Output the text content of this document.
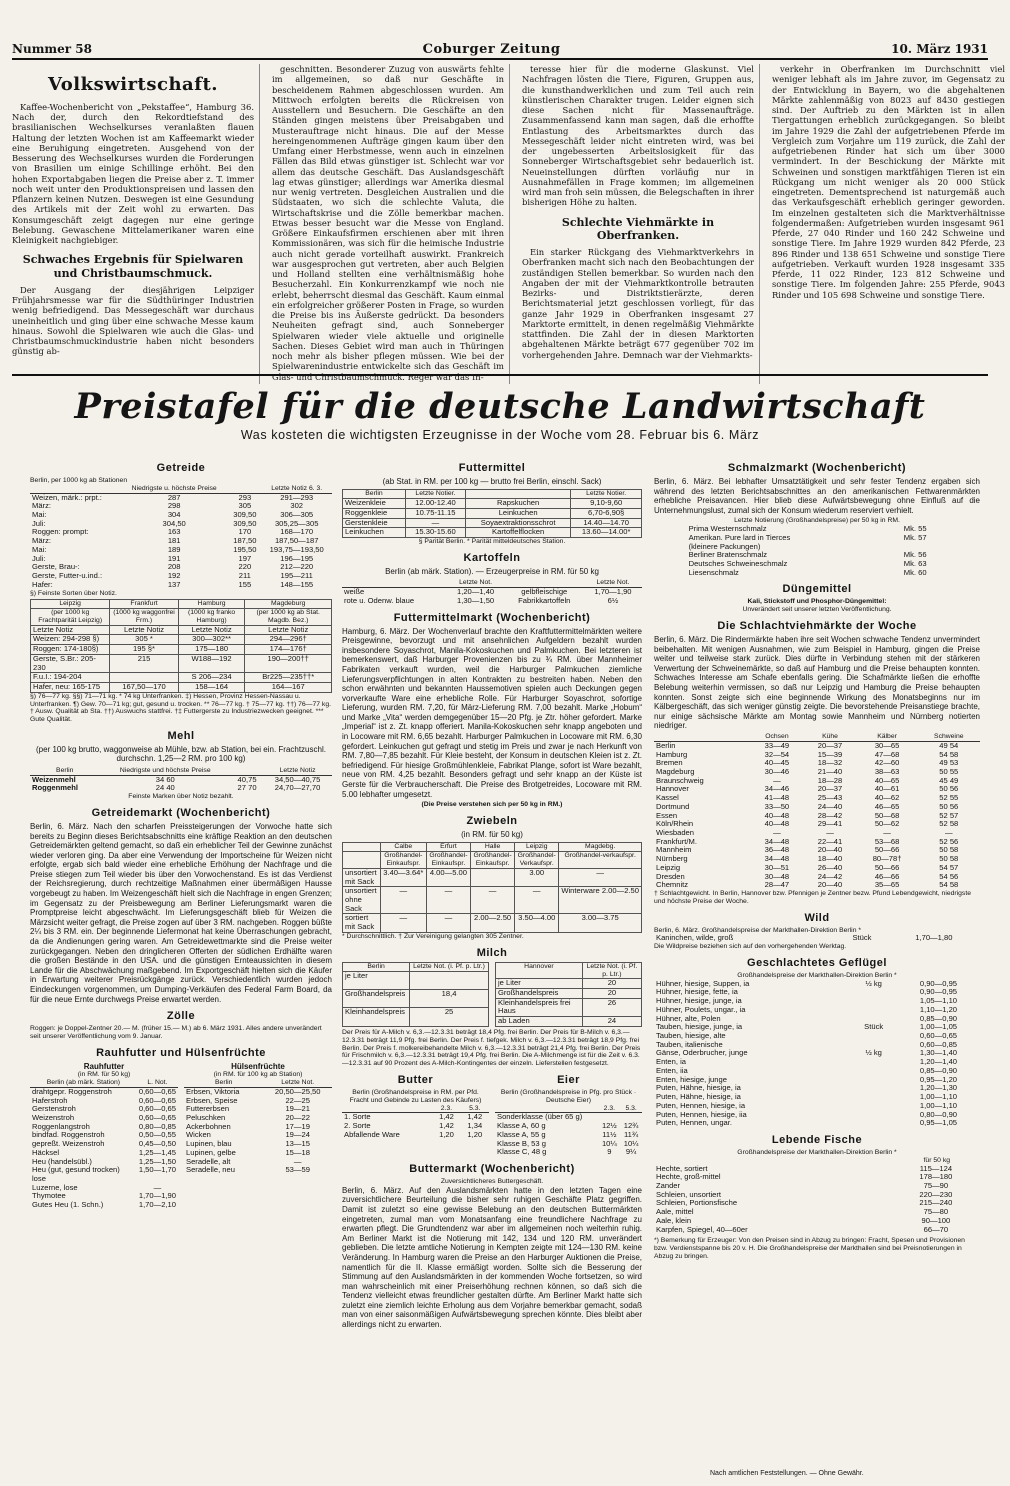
Nummer 58	Coburger Zeitung	10. März 1931
Volkswirtschaft.
Kaffee-Wochenbericht von „Pekstaffee“, Hamburg 36. Nach der, durch den Rekordtiefstand des brasilianischen Wechselkurses veranlaßten flauen Haltung der letzten Wochen ist am Kaffeemarkt wieder eine Beruhigung eingetreten. Ausgehend von der Besserung des Wechselkurses wurden die Forderungen von Brasilien um einige Schillinge erhöht. Bei den hohen Exportabgaben liegen die Preise aber z. T. immer noch weit unter den Produktionspreisen und lassen den Pflanzern keinen Nutzen. Deswegen ist eine Gesundung des Artikels mit der Zeit wohl zu erwarten. Das Konsumgeschäft zeigt dagegen nur eine geringe Belebung. Gewaschene Mittelamerikaner waren eine Kleinigkeit nachgiebiger.
Schwaches Ergebnis für Spielwaren und Christbaumschmuck.
Der Ausgang der diesjährigen Leipziger Frühjahrsmesse war für die Südthüringer Industrien wenig befriedigend. Das Messegeschäft war durchaus uneinheitlich und ging über eine schwache Messe kaum hinaus. Sowohl die Spielwaren wie auch die Glas- und Christbaumschmuckindustrie haben nicht besonders günstig ab-
geschnitten. Besonderer Zuzug von auswärts fehlte im allgemeinen, so daß nur Geschäfte in bescheidenem Rahmen abgeschlossen wurden. Am Mittwoch erfolgten bereits die Rückreisen von Ausstellern und Besuchern. Die Geschäfte an den Ständen gingen meistens über Preisabgaben und Musterauftrage nicht hinaus. Die auf der Messe hereingenommenen Aufträge gingen kaum über den Umfang einer Herbstmesse, wenn auch in einzelnen Fällen das Bild etwas günstiger ist. Schlecht war vor allem das deutsche Geschäft. Das Auslandsgeschäft lag etwas günstiger; allerdings war Amerika diesmal nur wenig vertreten. Desgleichen Australien und die Südstaaten, wo sich die schlechte Valuta, die Wirtschaftskrise und die Zölle bemerkbar machen. Etwas besser besucht war die Messe von England. Größere Einkaufsfirmen erschienen aber mit ihren Kommissionären, was sich für die heimische Industrie auch nicht gerade vorteilhaft auswirkt. Frankreich war ausgesprochen gut vertreten, aber auch Belgien und Holland stellten eine verhältnismäßig hohe Besucherzahl. Ein Konkurrenzkampf wie noch nie erlebt, beherrscht diesmal das Geschäft. Kaum einmal ein erfolgreicher größerer Posten in Frage, so wurden die Preise bis ins Äußerste gedrückt. Da besonders Neuheiten gefragt sind, auch Sonneberger Spielwaren wieder viele aktuelle und originelle Sachen. Dieses Gebiet wird man auch in Thüringen noch mehr als bisher pflegen müssen. Wie bei der Spielwarenindustrie entwickelte sich das Geschäft im Glas- und Christbaumschmuck. Reger war das In-
teresse hier für die moderne Glaskunst. Viel Nachfragen lösten die Tiere, Figuren, Gruppen aus, die kunsthandwerklichen und zum Teil auch rein künstlerischen Charakter trugen. Leider eignen sich diese Sachen nicht für Massenaufträge. Zusammenfassend kann man sagen, daß die erhoffte Entlastung des Arbeitsmarktes durch das Messegeschäft leider nicht eintreten wird, was bei der ungebesserten Arbeitslosigkeit für das Sonneberger Wirtschaftsgebiet sehr bedauerlich ist. Neueinstellungen dürften vorläufig nur in Ausnahmefällen in Frage kommen; im allgemeinen wird man froh sein müssen, die Belegschaften in ihrer bisherigen Höhe zu halten.
Schlechte Viehmärkte in Oberfranken.
Ein starker Rückgang des Viehmarktverkehrs in Oberfranken macht sich nach den Beobachtungen der zuständigen Stellen bemerkbar. So wurden nach den Angaben der mit der Viehmarktkontrolle betrauten Bezirks- und Distriktstierärzte, deren Berichtsmaterial jetzt geschlossen vorliegt, für das ganze Jahr 1929 in Oberfranken insgesamt 27 Marktorte ermittelt, in denen regelmäßig Viehmärkte stattfinden. Die Zahl der in diesen Marktorten abgehaltenen Märkte beträgt 677 gegenüber 702 im vorhergehenden Jahre. Demnach war der Viehmarkts-
verkehr in Oberfranken im Durchschnitt viel weniger lebhaft als im Jahre zuvor, im Gegensatz zu der Entwicklung in Bayern, wo die abgehaltenen Märkte zahlenmäßig von 8023 auf 8430 gestiegen sind. Der Auftrieb zu den Märkten ist in allen Tiergattungen erheblich zurückgegangen. So bleibt im Jahre 1929 die Zahl der aufgetriebenen Pferde im Vergleich zum Vorjahre um 119 zurück, die Zahl der aufgetriebenen Rinder hat sich um über 3000 vermindert. In der Beschickung der Märkte mit Schweinen und sonstigen marktfähigen Tieren ist ein Rückgang um nicht weniger als 20 000 Stück eingetreten. Dementsprechend ist naturgemäß auch das Verkaufsgeschäft erheblich geringer geworden. Im einzelnen gestalteten sich die Marktverhältnisse folgendermaßen: Aufgetrieben wurden insgesamt 961 Pferde, 27 040 Rinder und 160 242 Schweine und sonstige Tiere. Im Jahre 1929 wurden 842 Pferde, 23 896 Rinder und 138 651 Schweine und sonstige Tiere aufgetrieben. Verkauft wurden 1928 insgesamt 335 Pferde, 11 022 Rinder, 123 812 Schweine und sonstige Tiere. Im folgenden Jahre: 255 Pferde, 9043 Rinder und 105 698 Schweine und sonstige Tiere.
Preistafel für die deutsche Landwirtschaft
Was kosteten die wichtigsten Erzeugnisse in der Woche vom 28. Februar bis 6. März
Getreide
Berlin, per 1000 kg ab Stationen
	Niedrigste u. höchste Preise		Letzte Notiz 6. 3.
Weizen, märk.: prpt.:	287	293	291—293
März:	298	305	302
Mai:	304	309,50	306—305
Juli:	304,50	309,50	305,25—305
Roggen: prompt:	163	170	168—170
März:	181	187,50	187,50—187
Mai:	189	195,50	193,75—193,50
Juli:	191	197	196—195
Gerste, Brau-:	208	220	212—220
Gerste, Futter-u.ind.:	192	211	195—211
Hafer:	137	155	148—155
§) Feinste Sorten über Notiz.
Leipzig	Frankfurt	Hamburg	Magdeburg
(per 1000 kg Frachtparität Leipzig)	(1000 kg waggonfrei Frm.)	(1000 kg franko Hamburg)	(per 1000 kg ab Stat. Magdb. Bez.)
Letzte Notiz	Letzte Notiz	Letzte Notiz	Letzte Notiz
Weizen: 294-298 §)	305 *	300—302**	294—296†
Roggen: 174-180§)	195 §*	175—180	174—176†
Gerste, S.Br.: 205-230	215	W188—192	190—200††
F.u.I.: 194-204		S 206—234	Br225—235††*
Hafer, neu: 165-175	167,50—170	158—164	164—167
§) 76—77 kg. §§) 71—71 kg. * 74 kg Unterfranken. ‡) Hessen, Provinz Hessen-Nassau u. Unterfranken. ¶) Gew. 70—71 kg; gut, gesund u. trocken. ** 76—77 kg. † 75—77 kg. ††) 76—77 kg. † Ausw. Qualität ab Sta. ††) Auswuchs stattfrei. †‡ Futtergerste zu Industriezwecken geeignet. *** Gute Qualität.
Mehl
(per 100 kg brutto, waggonweise ab Mühle, bzw. ab Station, bei ein. Frachtzuschl. durchschn. 1,25—2 RM. pro 100 kg)
Berlin	Niedrigste und höchste Preise		Letzte Notiz
Weizenmehl	34 60	40,75	34,50—40,75
Roggenmehl	24 40	27 70	24,70—27,70
Feinste Marken über Notiz bezahlt.
Getreidemarkt (Wochenbericht)
Berlin, 6. März. Nach den scharfen Preissteigerungen der Vorwoche hatte sich bereits zu Beginn dieses Berichtsabschnitts eine kräftige Reaktion an den deutschen Getreidemärkten geltend gemacht, so daß ein erheblicher Teil der Gewinne zunächst wieder verloren ging. Da aber eine Verwendung der Importscheine für Weizen nicht erfolgte, ergab sich bald wieder eine erhebliche Erhöhung der Nachfrage und die Preise stiegen zum Teil wieder bis über den Vorwochenstand. Es ist das Verdienst der Reichsregierung, durch rechtzeitige Maßnahmen einer übermäßigen Hausse vorgebeugt zu haben. Im Weizengeschäft hielt sich die Nachfrage in engen Grenzen; im Gegensatz zu der Preisbewegung am Berliner Lieferungsmarkt waren die Promptpreise leicht abgeschwächt. Im Lieferungsgeschäft blieb für Weizen die Märzsicht weiter gefragt, die Preise zogen auf über 3 RM. nachgeben. Roggen büßte 2¼ bis 3 RM. ein. Der beginnende Liefermonat hat keine Überraschungen gebracht, da die Andienungen gering waren. Am Getreidewettmarkte sind die Preise weiter zurückgegangen. Neben den dringlicheren Offerten der südlichen Erdhälfte waren die großen Bestände in den USA. und die günstigen Ernteaussichten in diesem Lande für die Abschwächung maßgebend. Im Exportgeschäft hielten sich die Käufer in Erwartung weiterer Preisrückgänge zurück. Verschiedentlich wurden jedoch Eindeckungen vorgenommen, um Dumping-Verkäufen des Federal Farm Board, da für die neue Ernte durchwegs Preise erwartet werden.
Zölle
Roggen: je Doppel-Zentner 20.— M. (früher 15.— M.) ab 6. März 1931. Alles andere unverändert seit unserer Veröffentlichung vom 9. Januar.
Rauhfutter und Hülsenfrüchte
Rauhfutter
(in RM. für 50 kg)
Berlin (ab märk. Station)	L. Not.
drahtgepr. Roggenstroh	0,60—0,65
Haferstroh	0,60—0,65
Gerstenstroh	0,60—0,65
Weizenstroh	0,60—0,65
Roggenlangstroh	0,80—0,85
bindfad. Roggenstroh	0,50—0,55
gepreßt. Weizenstroh	0,45—0,50
Häcksel	1,25—1,45
Heu (handelsübl.)	1,25—1,50
Heu (gut, gesund trocken) lose	1,50—1,70
Luzerne, lose	—
Thymotee	1,70—1,90
Gutes Heu (1. Schn.)	1,70—2,10
Hülsenfrüchte
(in RM. für 100 kg ab Station)
Berlin	Letzte Not.
Erbsen, Viktoria	20,50—25,50
Erbsen, Speise	22—25
Futtererbsen	19—21
Peluschken	20—22
Ackerbohnen	17—19
Wicken	19—24
Lupinen, blau	13—15
Lupinen, gelbe	15—18
Seradelle, alt	—
Seradelle, neu	53—59
Futtermittel
(ab Stat. in RM. per 100 kg — brutto frei Berlin, einschl. Sack)
Berlin	Letzte Notier.		Letzte Notier.
Weizenkleie	12.00-12.40	Rapskuchen	9,10-9,60
Roggenkleie	10.75-11.15	Leinkuchen	6,70-6,90§
Gerstenkleie	—	Soyaextraktionsschrot	14.40—14.70
Leinkuchen	15.30-15.60	Kartoffelflocken	13.60—14.00*
§ Parität Berlin. * Parität mitteldeutsches Station.
Kartoffeln
Berlin (ab märk. Station). — Erzeugerpreise in RM. für 50 kg
	Letzte Not.		Letzte Not.
weiße	1,20—1,40	gelbfleischige	1,70—1,90
rote u. Odenw. blaue	1,30—1,50	Fabrikkartoffeln	6½
Futtermittelmarkt (Wochenbericht)
Hamburg, 6. März. Der Wochenverlauf brachte den Kraftfuttermittelmärkten weitere Preisgewinne, bevorzugt und mit ansehnlichen Aufgeldern bezahlt wurden insbesondere Soyaschrot, Manila-Kokoskuchen und Palmkuchen. Bei letzteren ist bemerkenswert, daß Harburger Provenienzen bis zu ¾ RM. über Mannheimer Fabrikaten verkauft wurden, weil die Harburger Palmkuchen ziemliche Lieferungsverpflichtungen in alten Kontrakten zu bestreiten haben. Neben den schon erwähnten und bekannten Haussemotiven spielen auch Deckungen gegen vorverkaufte Ware eine erhebliche Rolle. Für Harburger Soyaschrot, sofortige Lieferung, wurden RM. 7,20, für März-Lieferung RM. 7,00 bezahlt. Marke „Hobum“ und Marke „Vita“ werden demgegenüber 15—20 Pfg. je Ztr. höher gefordert. Marke „Imperial“ ist z. Zt. knapp offeriert. Manila-Kokoskuchen sehr knapp angeboten und in Locoware mit RM. 6,65 bezahlt. Harburger Palmkuchen in Locoware mit RM. 6,30 gefordert. Leinkuchen gut gefragt und stetig im Preis und zwar je nach Herkunft von RM. 7,80—7,85 bezahlt. Für Kleie besteht, der Konsum in deutschen Kleien ist z. Zt. befriedigend. Für hiesige Großmühlenkleie, Fabrikat Plange, sofort ist Ware bezahlt, neue von RM. 4,25 bezahlt. Besonders gefragt und sehr knapp an der Küste ist Gerste für die Verbraucherschaft. Die Preise des Brotgetreides, Locoware mit RM. 5.00 lebhafter umgesetzt.
(Die Preise verstehen sich per 50 kg in RM.)
Zwiebeln
(in RM. für 50 kg)
	Calbe	Erfurt	Halle	Leipzig	Magdebg.
	Großhandel-Einkaufspr.	Großhandel-Einkaufspr.	Großhandel-Einkaufspr.	Großhandel-Verkaufspr.	Großhandel-verkaufspr.
unsortiert mit Sack	3.40—3.64*	4.00—5.00		3.00	—
unsortiert ohne Sack	—	—	—	—	Winterware 2.00—2.50
sortiert mit Sack	—	—	2.00—2.50	3.50—4.00	3.00—3.75
* Durchschnittlich. † Zur Vereinigung gelangten 305 Zentner.
Milch
Berlin	Letzte Not. (i. Pf. p. Ltr.)
je Liter	
Großhandelspreis	18,4
Kleinhandelspreis	25
Hannover	Letzte Not. (i. Pf. p. Ltr.)
je Liter	20
Großhandelspreis	20
Kleinhandelspreis frei Haus	26
ab Laden	24
Der Preis für A-Milch v. 6,3.—12.3.31 beträgt 18,4 Pfg. frei Berlin. Der Preis für B-Milch v. 6,3.—12.3.31 beträgt 11,9 Pfg. frei Berlin. Der Preis f. tiefgek. Milch v. 6,3.—12.3.31 beträgt 18,9 Pfg. frei Berlin. Der Preis f. molkereibehandelte Milch v. 6,3.—12.3.31 beträgt 21,4 Pfg. frei Berlin. Der Preis für Frischmilch v. 6,3.—12.3.31 beträgt 19,4 Pfg. frei Berlin. Die A-Milchmenge ist für die Zeit v. 6.3.—12.3.31 auf 90 Prozent des A-Milch-Kontingentes der einzeln. Lieferstellen festgesetzt.
Butter
Berlin (Großhandelspreise in RM. per Pfd. Fracht und Gebinde zu Lasten des Käufers)
	2.3.	5.3.
1. Sorte	1,42	1,42
2. Sorte	1,42	1,34
Abfallende Ware	1,20	1,20
Eier
Berlin (Großhandelspreise in Pfg. pro Stück · Deutsche Eier)
	2.3.	5.3.
Sonderklasse (über 65 g)		
Klasse A, 60 g	12½	12¾
Klasse A, 55 g	11½	11¾
Klasse B, 53 g	10¼	10¼
Klasse C, 48 g	9	9¼
Buttermarkt (Wochenbericht)
Zuversichtlicheres Buttergeschäft.
Berlin, 6. März. Auf den Auslandsmärkten hatte in den letzten Tagen eine zuversichtlichere Beurteilung die bisher sehr ruhigen Geschäfte Platz gegriffen. Damit ist zuletzt so eine gewisse Belebung an den deutschen Buttermärkten eingetreten, zumal man vom Monatsanfang eine freundlichere Nachfrage zu erwarten pflegt. Die Grundtendenz war aber im allgemeinen noch weiterhin ruhig. Am Berliner Markt ist die Notierung mit 142, 134 und 120 RM. unverändert geblieben. Die letzte amtliche Notierung in Kempten zeigte mit 124—130 RM. keine Veränderung. In Hamburg waren die Preise an den Harburger Auktionen die Preise, namentlich für die II. Klasse ermäßigt worden. Sollte sich die Besserung der Stimmung auf den Auslandsmärkten in der kommenden Woche fortsetzen, so wird man wahrscheinlich mit einer Preiserhöhung rechnen können, so daß sich die Tendenz vielleicht etwas freundlicher gestalten dürfte. Am Berliner Markt hatte sich zuletzt eine ziemlich leichte Erholung aus dem Vorjahre bemerkbar gemacht, sodaß man von einer saisonmäßigen Aufwärtsbewegung sprechen könnte. Dies bleibt aber allerdings nicht zu erwarten.
Schmalzmarkt (Wochenbericht)
Berlin, 6. März. Bei lebhafter Umsatztätigkeit und sehr fester Tendenz ergaben sich während des letzten Berichtsabschnittes an den amerikanischen Fettwarenmärkten erhebliche Preisavancen. Hier blieb diese Aufwärtsbewegung ohne Einfluß auf die Unternehmungslust, zumal sich der Konsum wiederum reserviert verhielt.
Letzte Notierung (Großhandelspreise) per 50 kg in RM.
Prima Westernschmalz	Mk. 55
Amerikan. Pure lard in Tierces	Mk. 57
(kleinere Packungen)	
Berliner Bratenschmalz	Mk. 56
Deutsches Schweineschmalz	Mk. 63
Liesenschmalz	Mk. 60
Düngemittel
Kali, Stickstoff und Phosphor-Düngemittel:
Unverändert seit unserer letzten Veröffentlichung.
Die Schlachtviehmärkte der Woche
Berlin, 6. März. Die Rindermärkte haben ihre seit Wochen schwache Tendenz unvermindert beibehalten. Mit wenigen Ausnahmen, wie zum Beispiel in Hamburg, gingen die Preise weiter und teilweise stark zurück. Dies dürfte in Verbindung stehen mit der stärkeren Verwertung der Schweinemärkte, so daß auf Hamburg und die Preise behaupten konnten. Schwaches Interesse am Schafe ebenfalls gering. Die Schafmärkte ließen die erhoffte Belebung weiterhin vermissen, so daß nur Leipzig und Hamburg die Preise behaupten konnten. Sonst zeigte sich eine beginnende Wirkung des Monatsbeginns nur im Kälbergeschäft, das sich weniger günstig zeigte. Die bevorstehende Preisanstiege brachte, nur einige sächsische Märkte am Montag sowie Mannheim und Nürnberg notierten niedriger.
	Ochsen	Kühe	Kälber	Schweine
Berlin	33—49	20—37	30—65	49 54
Hamburg	32—54	15—39	47—68	54 58
Bremen	40—45	18—32	42—60	49 53
Magdeburg	30—46	21—40	38—63	50 55
Braunschweig	—	18—28	40—65	45 49
Hannover	34—46	20—37	40—61	50 56
Kassel	41—48	25—43	40—62	52 55
Dortmund	33—50	24—40	46—65	50 56
Essen	40—48	28—42	50—68	52 57
Köln/Rhein	40—48	29—41	50—62	52 58
Wiesbaden	—	—	—	—
Frankfurt/M.	34—48	22—41	53—68	52 56
Mannheim	36—48	20—40	50—66	50 58
Nürnberg	34—48	18—40	80—78†	50 58
Leipzig	30—51	26—40	50—66	54 57
Dresden	30—48	24—42	46—66	54 56
Chemnitz	28—47	20—40	35—65	54 58
† Schlachtgewicht. In Berlin, Hannover bzw. Pfennigen je Zentner bezw. Pfund Lebendgewicht, niedrigste und höchste Preise der Woche.
Wild
Berlin, 6. März. Großhandelspreise der Markthallen-Direktion Berlin *
Kaninchen, wilde, groß	Stück	1,70—1,80
Die Wildpreise beziehen sich auf den vorhergehenden Werktag.
Geschlachtetes Geflügel
Großhandelspreise der Markthallen-Direktion Berlin *
Hühner, hiesige, Suppen, ia	½ kg	0,90—0,95
Hühner, hiesige, fette, ia		0,90—0,95
Hühner, hiesige, junge, ia		1,05—1,10
Hühner, Poulets, ungar., ia		1,10—1,20
Hühner, alte, Polen		0,85—0,90
Tauben, hiesige, junge, ia	Stück	1,00—1,05
Tauben, hiesige, alte		0,60—0,65
Tauben, italienische		0,60—0,85
Gänse, Oderbrucher, junge	½ kg	1,30—1,40
Enten, ia		1,20—1,40
Enten, iia		0,85—0,90
Enten, hiesige, junge		0,95—1,20
Puten, Hähne, hiesige, ia		1,20—1,30
Puten, Hähne, hiesige, ia		1,00—1,10
Puten, Hennen, hiesige, ia		1,00—1,10
Puten, Hennen, hiesige, iia		0,80—0,90
Puten, Hennen, ungar.		0,95—1,05
Lebende Fische
Großhandelspreise der Markthallen-Direktion Berlin *
für 50 kg
Hechte, sortiert		115—124
Hechte, groß-mittel		178—180
Zander		75—90
Schleien, unsortiert		220—230
Schleien, Portionsfische		215—240
Aale, mittel		75—80
Aale, klein		90—100
Karpfen, Spiegel, 40—60er		66—70
*) Bemerkung für Erzeuger: Von den Preisen sind in Abzug zu bringen: Fracht, Spesen und Provisionen bzw. Verdienstspanne bis 20 v. H. Die Großhandelspreise der Markthallen sind bei Preisnotierungen in Abzug zu bringen.
Nach amtlichen Feststellungen. — Ohne Gewähr.
